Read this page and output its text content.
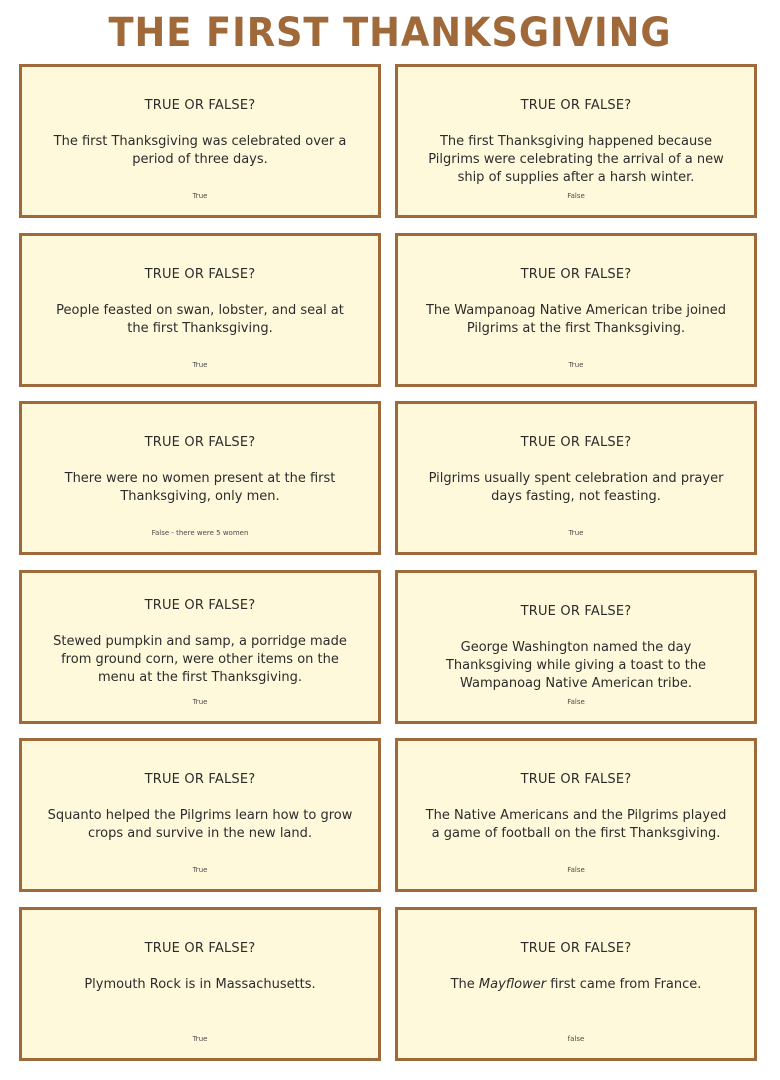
THE FIRST THANKSGIVING
TRUE OR FALSE?
The first Thanksgiving was celebrated over a period of three days.
True
TRUE OR FALSE?
The first Thanksgiving happened because Pilgrims were celebrating the arrival of a new ship of supplies after a harsh winter.
False
TRUE OR FALSE?
People feasted on swan, lobster, and seal at the first Thanksgiving.
True
TRUE OR FALSE?
The Wampanoag Native American tribe joined Pilgrims at the first Thanksgiving.
True
TRUE OR FALSE?
There were no women present at the first Thanksgiving, only men.
False - there were 5 women
TRUE OR FALSE?
Pilgrims usually spent celebration and prayer days fasting, not feasting.
True
TRUE OR FALSE?
Stewed pumpkin and samp, a porridge made from ground corn, were other items on the menu at the first Thanksgiving.
True
TRUE OR FALSE?
George Washington named the day Thanksgiving while giving a toast to the Wampanoag Native American tribe.
False
TRUE OR FALSE?
Squanto helped the Pilgrims learn how to grow crops and survive in the new land.
True
TRUE OR FALSE?
The Native Americans and the Pilgrims played a game of football on the first Thanksgiving.
False
TRUE OR FALSE?
Plymouth Rock is in Massachusetts.
True
TRUE OR FALSE?
The Mayflower first came from France.
false
